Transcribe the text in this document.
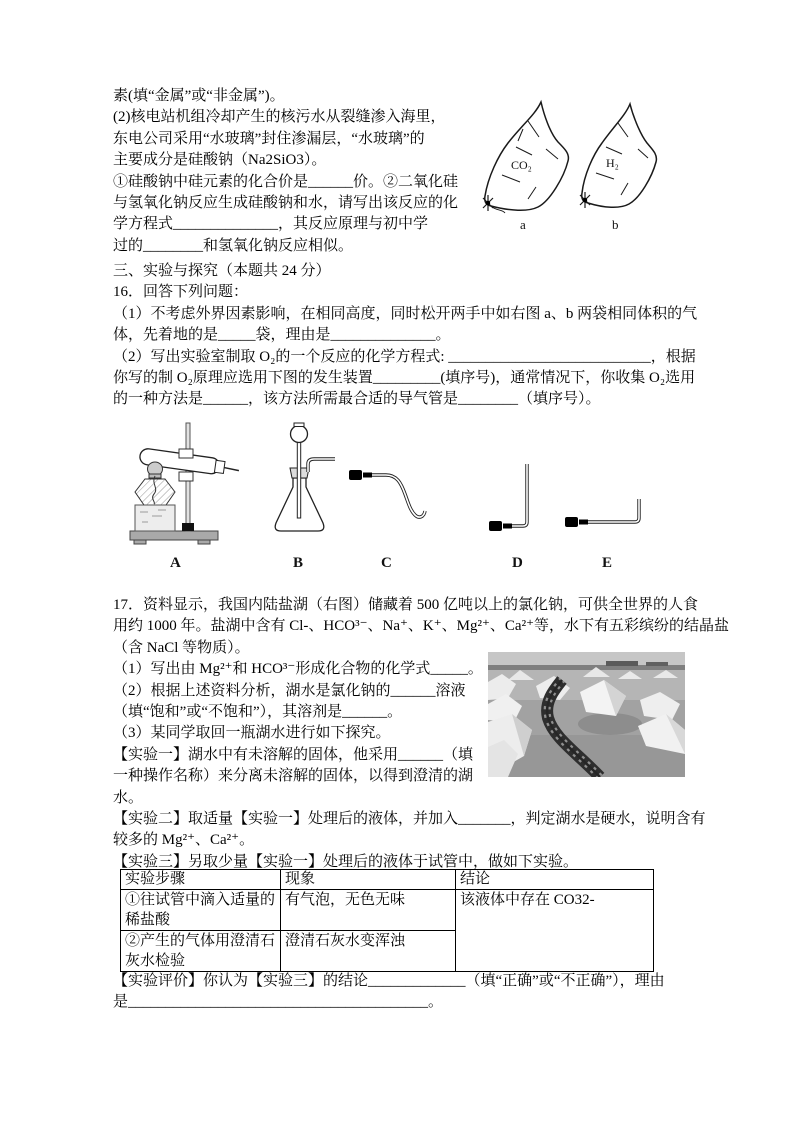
素(填“金属”或“非金属”)。
(2)核电站机组冷却产生的核污水从裂缝渗入海里，
东电公司采用“水玻璃”封住渗漏层，“水玻璃”的
主要成分是硅酸钠（Na2SiO3）。
①硅酸钠中硅元素的化合价是______价。②二氧化硅
与氢氧化钠反应生成硅酸钠和水，请写出该反应的化
学方程式______________，其反应原理与初中学
过的________和氢氧化钠反应相似。
CO₂	H₂
a	b
三、实验与探究（本题共 24 分）
16．回答下列问题：
（1）不考虑外界因素影响，在相同高度，同时松开两手中如右图 a、b 两袋相同体积的气
体，先着地的是_____袋，理由是______________。
（2）写出实验室制取 O₂的一个反应的化学方程式: ___________________________，根据
你写的制 O₂原理应选用下图的发生装置_________(填序号)，通常情况下，你收集 O₂选用
的一种方法是______，该方法所需最合适的导气管是________（填序号）。
A	B	C	D	E
17．资料显示，我国内陆盐湖（右图）储藏着 500 亿吨以上的氯化钠，可供全世界的人食
用约 1000 年。盐湖中含有 Cl-、HCO³⁻、Na⁺、K⁺、Mg²⁺、Ca²⁺等，水下有五彩缤纷的结晶盐
（含 NaCl 等物质）。
（1）写出由 Mg²⁺和 HCO³⁻形成化合物的化学式_____。
（2）根据上述资料分析，湖水是氯化钠的______溶液
（填“饱和”或“不饱和”），其溶剂是______。
（3）某同学取回一瓶湖水进行如下探究。
【实验一】湖水中有未溶解的固体，他采用______（填
一种操作名称）来分离未溶解的固体，以得到澄清的湖
水。
【实验二】取适量【实验一】处理后的液体，并加入_______，判定湖水是硬水，说明含有
较多的 Mg²⁺、Ca²⁺。
【实验三】另取少量【实验一】处理后的液体于试管中，做如下实验。
实验步骤	现象	结论
①往试管中滴入适量的稀盐酸	有气泡，无色无味	该液体中存在 CO32-
②产生的气体用澄清石灰水检验	澄清石灰水变浑浊	
【实验评价】你认为【实验三】的结论_____________（填“正确”或“不正确”），理由
是________________________________________。
